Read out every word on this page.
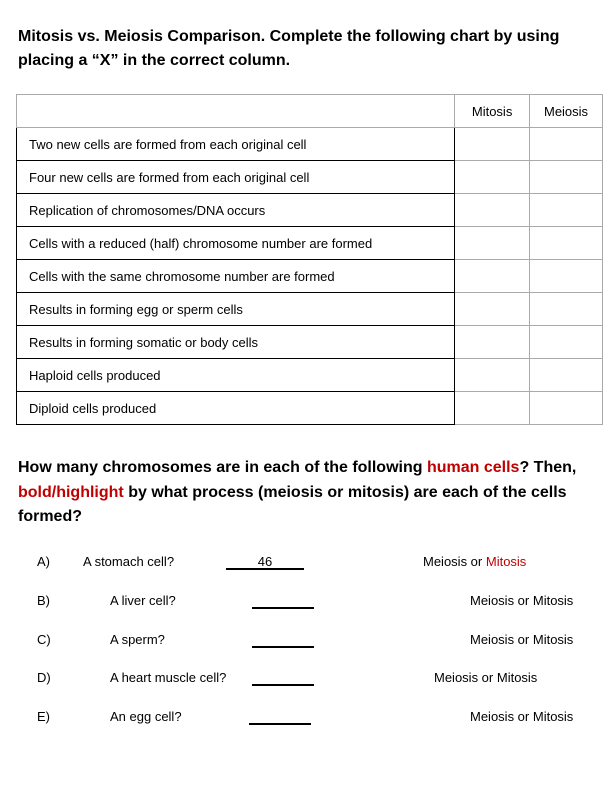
Mitosis vs. Meiosis Comparison. Complete the following chart by using placing a “X” in the correct column.
	Mitosis	Meiosis
Two new cells are formed from each original cell		
Four new cells are formed from each original cell		
Replication of chromosomes/DNA occurs		
Cells with a reduced (half) chromosome number are formed		
Cells with the same chromosome number are formed		
Results in forming egg or sperm cells		
Results in forming somatic or body cells		
Haploid cells produced		
Diploid cells produced		
How many chromosomes are in each of the following human cells? Then, bold/highlight by what process (meiosis or mitosis) are each of the cells formed?
A)	A stomach cell?	46	Meiosis or Mitosis
B)	A liver cell?	Meiosis or Mitosis
C)	A sperm?	Meiosis or Mitosis
D)	A heart muscle cell?	Meiosis or Mitosis
E)	An egg cell?	Meiosis or Mitosis
